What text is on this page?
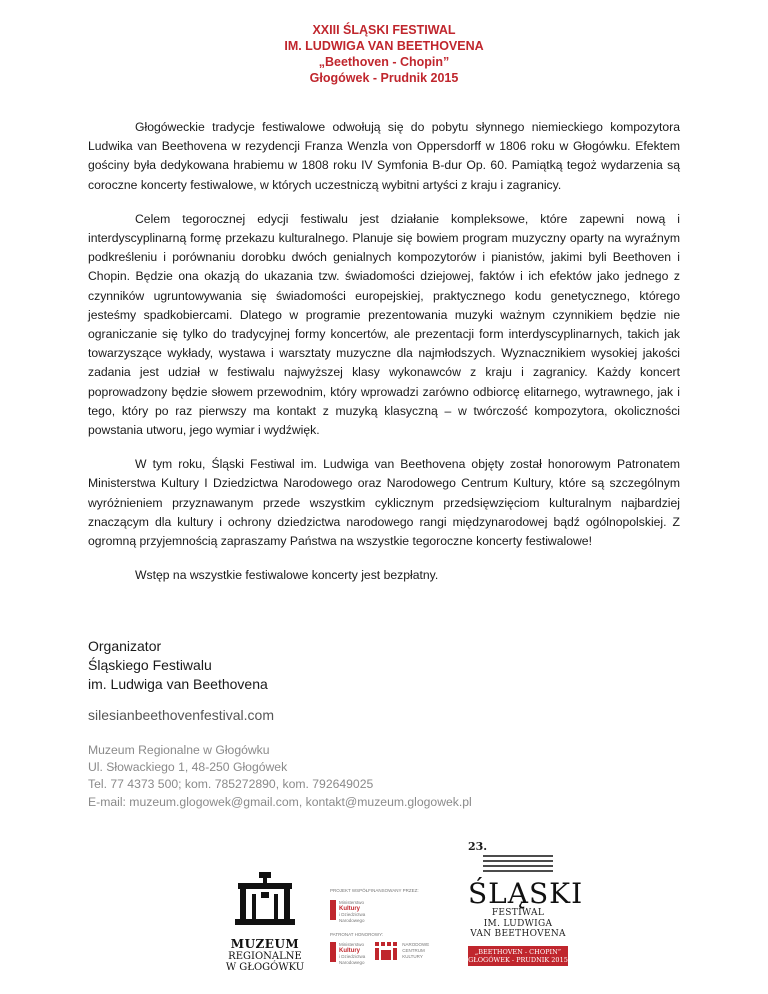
XXIII ŚLĄSKI FESTIWAL
IM. LUDWIGA VAN BEETHOVENA
„Beethoven - Chopin”
Głogówek - Prudnik 2015

Głogóweckie tradycje festiwalowe odwołują się do pobytu słynnego niemieckiego kompozytora Ludwika van Beethovena w rezydencji Franza Wenzla von Oppersdorff w 1806 roku w Głogówku. Efektem gościny była dedykowana hrabiemu w 1808 roku IV Symfonia B-dur Op. 60. Pamiątką tegoż wydarzenia są coroczne koncerty festiwalowe, w których uczestniczą wybitni artyści z kraju i zagranicy.

Celem tegorocznej edycji festiwalu jest działanie kompleksowe, które zapewni nową i interdyscyplinarną formę przekazu kulturalnego. Planuje się bowiem program muzyczny oparty na wyraźnym podkreśleniu i porównaniu dorobku dwóch genialnych kompozytorów i pianistów, jakimi byli Beethoven i Chopin. Będzie ona okazją do ukazania tzw. świadomości dziejowej, faktów i ich efektów jako jednego z czynników ugruntowywania się świadomości europejskiej, praktycznego kodu genetycznego, którego jesteśmy spadkobiercami. Dlatego w programie prezentowania muzyki ważnym czynnikiem będzie nie ograniczanie się tylko do tradycyjnej formy koncertów, ale prezentacji form interdyscyplinarnych, takich jak towarzyszące wykłady, wystawa i warsztaty muzyczne dla najmłodszych. Wyznacznikiem wysokiej jakości zadania jest udział w festiwalu najwyższej klasy wykonawców z kraju i zagranicy. Każdy koncert poprowadzony będzie słowem przewodnim, który wprowadzi zarówno odbiorcę elitarnego, wytrawnego, jak i tego, który po raz pierwszy ma kontakt z muzyką klasyczną – w twórczość kompozytora, okoliczności powstania utworu, jego wymiar i wydźwięk.

W tym roku, Śląski Festiwal im. Ludwiga van Beethovena objęty został honorowym Patronatem Ministerstwa Kultury I Dziedzictwa Narodowego oraz Narodowego Centrum Kultury, które są szczególnym wyróżnieniem przyznawanym przede wszystkim cyklicznym przedsięwzięciom kulturalnym najbardziej znaczącym dla kultury i ochrony dziedzictwa narodowego rangi międzynarodowej bądź ogólnopolskiej. Z ogromną przyjemnością zapraszamy Państwa na wszystkie tegoroczne koncerty festiwalowe!

Wstęp na wszystkie festiwalowe koncerty jest bezpłatny.

Organizator
Śląskiego Festiwalu
im. Ludwiga van Beethovena
silesianbeethovenfestival.com
Muzeum Regionalne w Głogówku
Ul. Słowackiego 1, 48-250 Głogówek
Tel. 77 4373 500; kom. 785272890, kom. 792649025
E-mail: muzeum.glogowek@gmail.com, kontakt@muzeum.glogowek.pl
MUZEUM
REGIONALNE
W GŁOGÓWKU
PROJEKT WSPÓŁFINANSOWANY PRZEZ:
Ministerstwo
Kultury
i Dziedzictwa
Narodowego
PATRONAT HONOROWY:
Ministerstwo
Kultury
i Dziedzictwa
Narodowego
NARODOWE
CENTRUM
KULTURY
23.
ŚLĄSKI
FESTIWAL
IM. LUDWIGA
VAN BEETHOVENA
„BEETHOVEN - CHOPIN”
GŁOGÓWEK - PRUDNIK 2015
